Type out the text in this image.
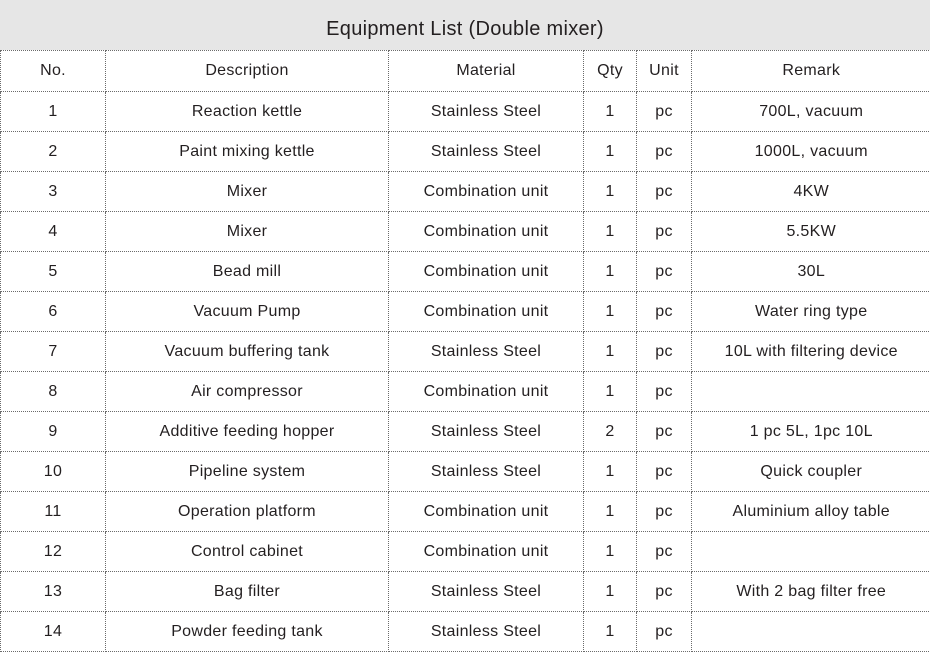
Equipment List (Double mixer)
No.	Description	Material	Qty	Unit	Remark
1	Reaction kettle	Stainless Steel	1	pc	700L, vacuum
2	Paint mixing kettle	Stainless Steel	1	pc	1000L, vacuum
3	Mixer	Combination unit	1	pc	4KW
4	Mixer	Combination unit	1	pc	5.5KW
5	Bead mill	Combination unit	1	pc	30L
6	Vacuum Pump	Combination unit	1	pc	Water ring type
7	Vacuum buffering tank	Stainless Steel	1	pc	10L with filtering device
8	Air compressor	Combination unit	1	pc	
9	Additive feeding hopper	Stainless Steel	2	pc	1 pc 5L, 1pc 10L
10	Pipeline system	Stainless Steel	1	pc	Quick coupler
11	Operation platform	Combination unit	1	pc	Aluminium alloy table
12	Control cabinet	Combination unit	1	pc	
13	Bag filter	Stainless Steel	1	pc	With 2 bag filter free
14	Powder feeding tank	Stainless Steel	1	pc	
